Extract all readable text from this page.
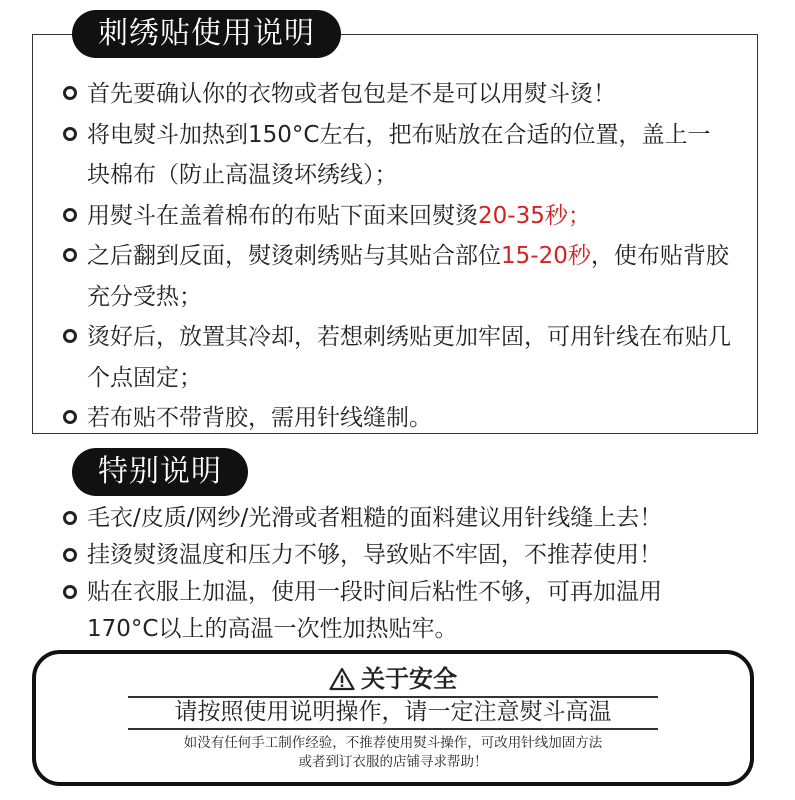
刺绣贴使用说明
首先要确认你的衣物或者包包是不是可以用熨斗烫！
将电熨斗加热到150°C左右，把布贴放在合适的位置，盖上一块棉布（防止高温烫坏绣线）；
用熨斗在盖着棉布的布贴下面来回熨烫20-35秒；
之后翻到反面，熨烫刺绣贴与其贴合部位15-20秒，使布贴背胶充分受热；
烫好后，放置其冷却，若想刺绣贴更加牢固，可用针线在布贴几个点固定；
若布贴不带背胶，需用针线缝制。
特别说明
毛衣/皮质/网纱/光滑或者粗糙的面料建议用针线缝上去！
挂烫熨烫温度和压力不够，导致贴不牢固，不推荐使用！
贴在衣服上加温，使用一段时间后粘性不够，可再加温用170°C以上的高温一次性加热贴牢。
关于安全
请按照使用说明操作，请一定注意熨斗高温
如没有任何手工制作经验，不推荐使用熨斗操作，可改用针线加固方法
或者到订衣服的店铺寻求帮助！
